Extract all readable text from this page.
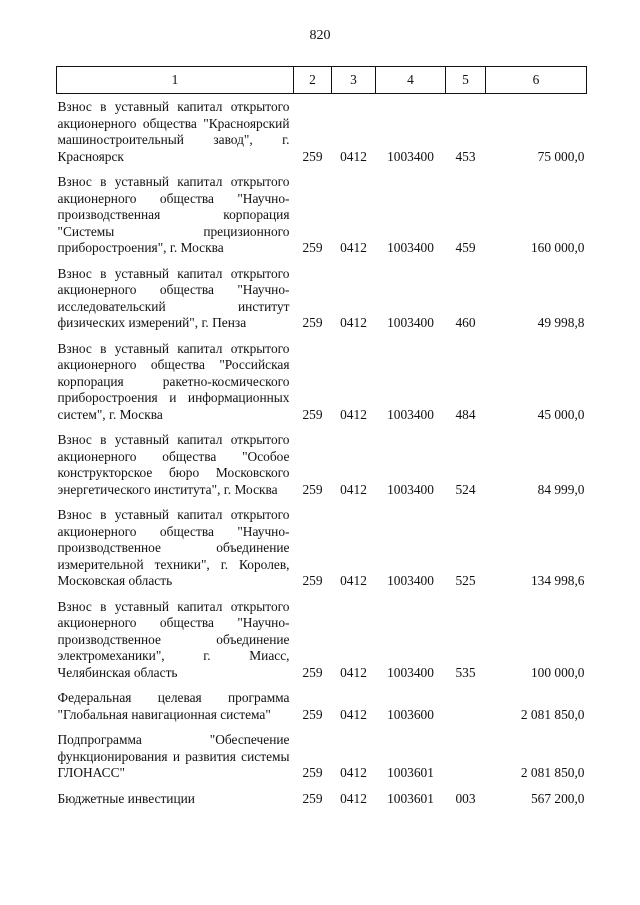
820
1	2	3	4	5	6
Взнос в уставный капитал открытого акционерного общества "Красноярский машиностроительный завод", г. Красноярск	259	0412	1003400	453	75 000,0
Взнос в уставный капитал открытого акционерного общества "Научно-производственная корпорация "Системы прецизионного приборостроения", г. Москва	259	0412	1003400	459	160 000,0
Взнос в уставный капитал открытого акционерного общества "Научно-исследовательский институт физических измерений", г. Пенза	259	0412	1003400	460	49 998,8
Взнос в уставный капитал открытого акционерного общества "Российская корпорация ракетно-космического приборостроения и информационных систем", г. Москва	259	0412	1003400	484	45 000,0
Взнос в уставный капитал открытого акционерного общества "Особое конструкторское бюро Московского энергетического института", г. Москва	259	0412	1003400	524	84 999,0
Взнос в уставный капитал открытого акционерного общества "Научно-производственное объединение измерительной техники", г. Королев, Московская область	259	0412	1003400	525	134 998,6
Взнос в уставный капитал открытого акционерного общества "Научно-производственное объединение электромеханики", г. Миасс, Челябинская область	259	0412	1003400	535	100 000,0
Федеральная целевая программа "Глобальная навигационная система"	259	0412	1003600		2 081 850,0
Подпрограмма "Обеспечение функционирования и развития системы ГЛОНАСС"	259	0412	1003601		2 081 850,0
Бюджетные инвестиции	259	0412	1003601	003	567 200,0
